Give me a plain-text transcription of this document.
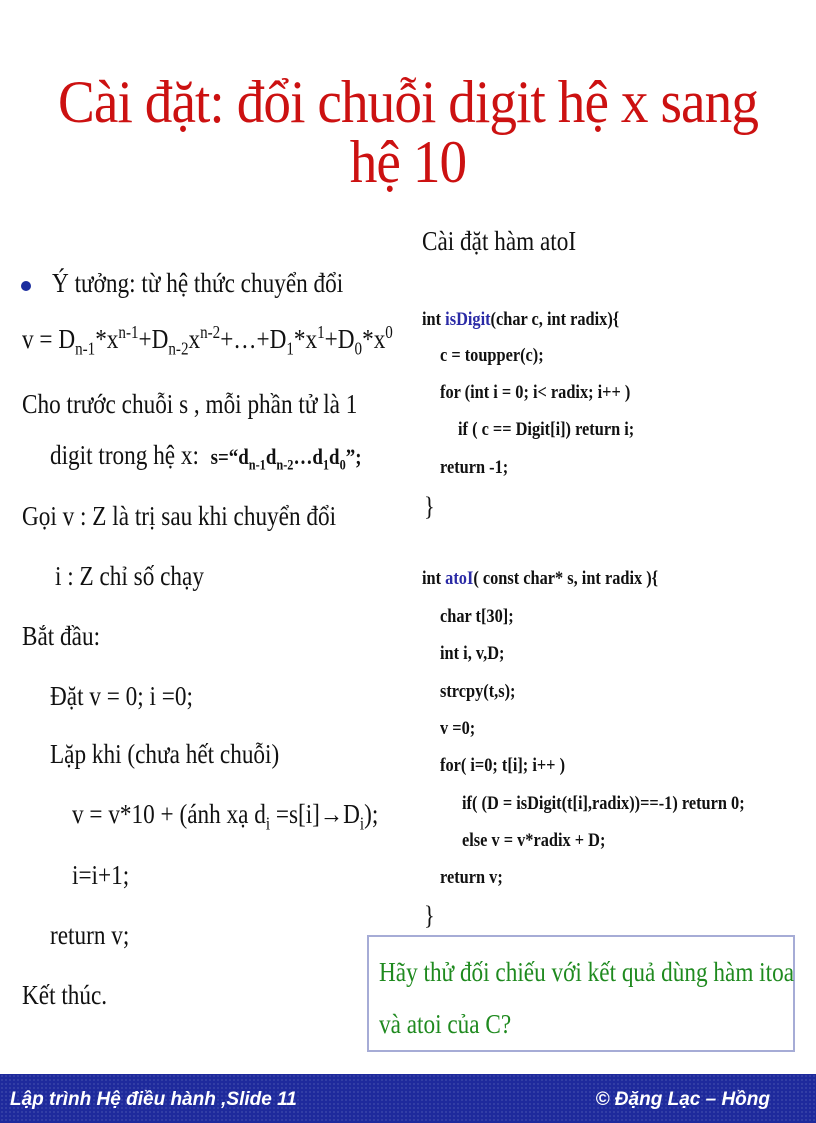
Cài đặt: đổi chuỗi digit hệ x sang hệ 10
Ý tưởng: từ hệ thức chuyển đổi
$v = D_{n-1}*x^{n-1}+D_{n-2}x^{n-2}+\dots+D_1*x^1+D_0*x^0$
Cho trước chuỗi s , mỗi phần tử là 1
digit trong hệ x: $s=“d_{n-1}d_{n-2}\dots d_1d_0$”;
Gọi v : Z là trị sau khi chuyển đổi
i : Z chỉ số chạy
Bắt đầu:
Đặt v = 0; i =0;
Lặp khi (chưa hết chuỗi)
v = v*10 + (ánh xạ $d_i =s[i]\to D_i$);
i=i+1;
return v;
Kết thúc.
Cài đặt hàm atoI
int isDigit(char c, int radix){
c = toupper(c);
for (int i = 0; i< radix; i++ )
if ( c == Digit[i]) return i;
return -1;
}
int atoI( const char* s, int radix ){
char t[30];
int i, v,D;
strcpy(t,s);
v =0;
for( i=0; t[i]; i++ )
if( (D = isDigit(t[i],radix))==-1) return 0;
else v = v*radix + D;
return v;
}
Hãy thử đối chiếu với kết quả dùng hàm itoa
và atoi của C?
Lập trình Hệ điều hành ,Slide 11	© Đặng Lạc – Hồng
